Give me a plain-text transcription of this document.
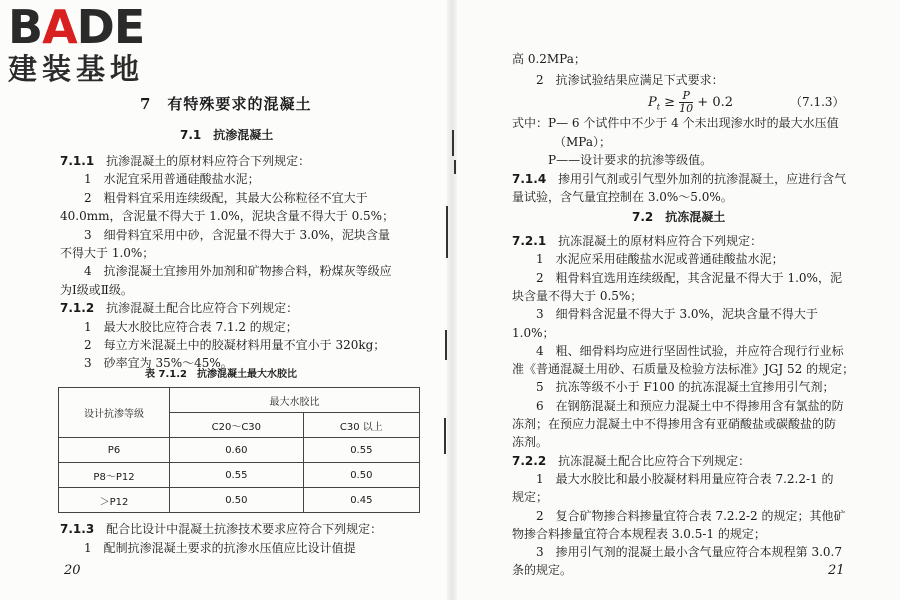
BADE
建装基地
7　有特殊要求的混凝土
7.1　抗渗混凝土
7.1.1　抗渗混凝土的原材料应符合下列规定：
　　1　水泥宜采用普通硅酸盐水泥；
　　2　粗骨料宜采用连续级配，其最大公称粒径不宜大于
40.0mm，含泥量不得大于 1.0%，泥块含量不得大于 0.5%；
　　3　细骨料宜采用中砂，含泥量不得大于 3.0%，泥块含量
不得大于 1.0%；
　　4　抗渗混凝土宜掺用外加剂和矿物掺合料，粉煤灰等级应
为Ⅰ级或Ⅱ级。
7.1.2　抗渗混凝土配合比应符合下列规定：
　　1　最大水胶比应符合表 7.1.2 的规定；
　　2　每立方米混凝土中的胶凝材料用量不宜小于 320kg；
　　3　砂率宜为 35%～45%。
表 7.1.2　抗渗混凝土最大水胶比
设计抗渗等级	最大水胶比	
	C20～C30	C30 以上
P6	0.60	0.55
P8～P12	0.55	0.50
＞P12	0.50	0.45
7.1.3　配合比设计中混凝土抗渗技术要求应符合下列规定：
　　1　配制抗渗混凝土要求的抗渗水压值应比设计值提
20
高 0.2MPa；
　　2　抗渗试验结果应满足下式要求：
$P_t \ge \frac{P}{10} + 0.2$	（7.1.3）
式中：P— 6 个试件中不少于 4 个未出现渗水时的最大水压值
　　　　（MPa）；
　　　P——设计要求的抗渗等级值。
7.1.4　掺用引气剂或引气型外加剂的抗渗混凝土，应进行含气
量试验，含气量宜控制在 3.0%～5.0%。
7.2　抗冻混凝土
7.2.1　抗冻混凝土的原材料应符合下列规定：
　　1　水泥应采用硅酸盐水泥或普通硅酸盐水泥；
　　2　粗骨料宜选用连续级配，其含泥量不得大于 1.0%，泥
块含量不得大于 0.5%；
　　3　细骨料含泥量不得大于 3.0%，泥块含量不得大于
1.0%；
　　4　粗、细骨料均应进行坚固性试验，并应符合现行行业标
准《普通混凝土用砂、石质量及检验方法标准》JGJ 52 的规定；
　　5　抗冻等级不小于 F100 的抗冻混凝土宜掺用引气剂；
　　6　在钢筋混凝土和预应力混凝土中不得掺用含有氯盐的防
冻剂；在预应力混凝土中不得掺用含有亚硝酸盐或碳酸盐的防
冻剂。
7.2.2　抗冻混凝土配合比应符合下列规定：
　　1　最大水胶比和最小胶凝材料用量应符合表 7.2.2-1 的
规定；
　　2　复合矿物掺合料掺量宜符合表 7.2.2-2 的规定；其他矿
物掺合料掺量宜符合本规程表 3.0.5-1 的规定；
　　3　掺用引气剂的混凝土最小含气量应符合本规程第 3.0.7
条的规定。	21
